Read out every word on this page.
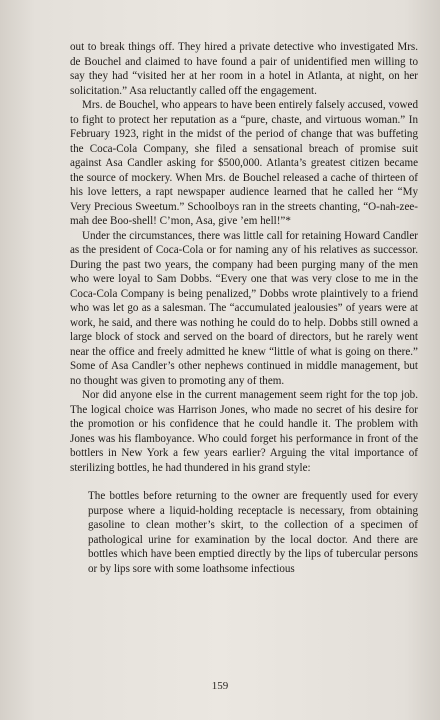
out to break things off. They hired a private detective who investigated Mrs. de Bouchel and claimed to have found a pair of unidentified men willing to say they had “visited her at her room in a hotel in Atlanta, at night, on her solicitation.” Asa reluctantly called off the engagement.

Mrs. de Bouchel, who appears to have been entirely falsely accused, vowed to fight to protect her reputation as a “pure, chaste, and virtuous woman.” In February 1923, right in the midst of the period of change that was buffeting the Coca-Cola Company, she filed a sensational breach of promise suit against Asa Candler asking for $500,000. Atlanta’s greatest citizen became the source of mockery. When Mrs. de Bouchel released a cache of thirteen of his love letters, a rapt newspaper audience learned that he called her “My Very Precious Sweetum.” Schoolboys ran in the streets chanting, “O-nah-zee-mah dee Boo-shell! C’mon, Asa, give ’em hell!”*

Under the circumstances, there was little call for retaining Howard Candler as the president of Coca-Cola or for naming any of his relatives as successor. During the past two years, the company had been purging many of the men who were loyal to Sam Dobbs. “Every one that was very close to me in the Coca-Cola Company is being penalized,” Dobbs wrote plaintively to a friend who was let go as a salesman. The “accumulated jealousies” of years were at work, he said, and there was nothing he could do to help. Dobbs still owned a large block of stock and served on the board of directors, but he rarely went near the office and freely admitted he knew “little of what is going on there.” Some of Asa Candler’s other nephews continued in middle management, but no thought was given to promoting any of them.

Nor did anyone else in the current management seem right for the top job. The logical choice was Harrison Jones, who made no secret of his desire for the promotion or his confidence that he could handle it. The problem with Jones was his flamboyance. Who could forget his performance in front of the bottlers in New York a few years earlier? Arguing the vital importance of sterilizing bottles, he had thundered in his grand style:

The bottles before returning to the owner are frequently used for every purpose where a liquid-holding receptacle is necessary, from obtaining gasoline to clean mother’s skirt, to the collection of a specimen of pathological urine for examination by the local doctor. And there are bottles which have been emptied directly by the lips of tubercular persons or by lips sore with some loathsome infectious

159
